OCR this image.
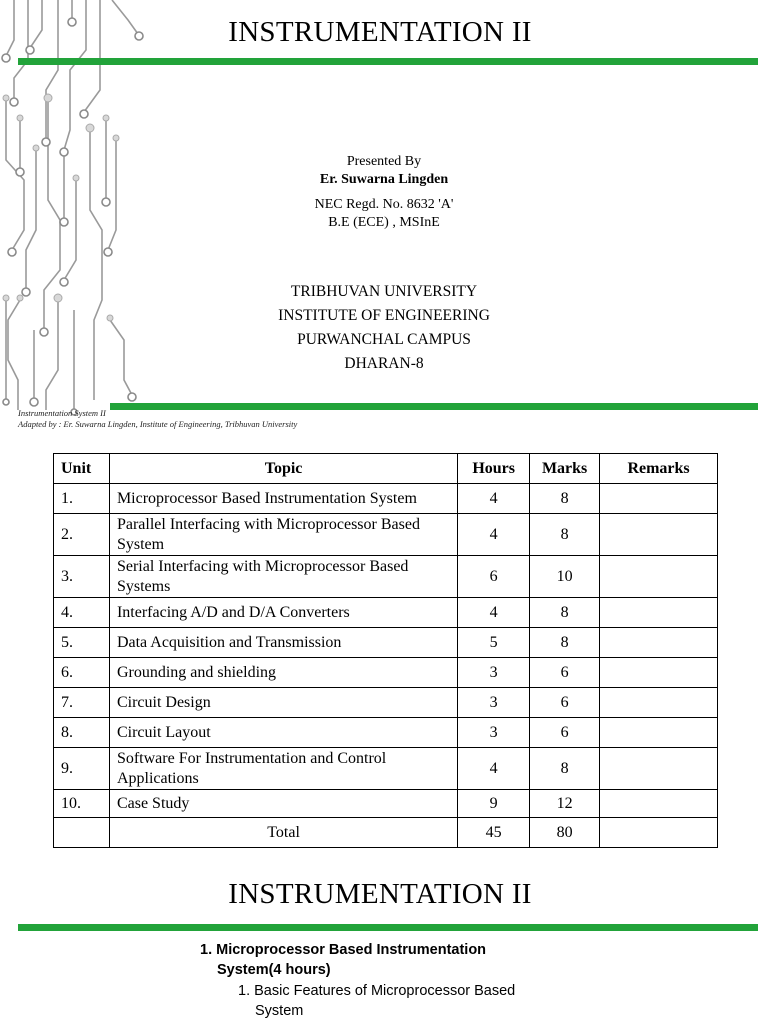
INSTRUMENTATION II
Presented By
Er. Suwarna Lingden
NEC Regd. No. 8632 'A'
B.E (ECE) , MSInE
TRIBHUVAN UNIVERSITY
INSTITUTE OF ENGINEERING
PURWANCHAL CAMPUS
DHARAN-8
Instrumentation System II
Adapted by : Er. Suwarna Lingden, Institute of Engineering, Tribhuvan University
Unit	Topic	Hours	Marks	Remarks
1.	Microprocessor Based Instrumentation System	4	8	
2.	Parallel Interfacing with Microprocessor Based System	4	8	
3.	Serial Interfacing with Microprocessor Based Systems	6	10	
4.	Interfacing A/D and D/A Converters	4	8	
5.	Data Acquisition and Transmission	5	8	
6.	Grounding and shielding	3	6	
7.	Circuit Design	3	6	
8.	Circuit Layout	3	6	
9.	Software For Instrumentation and Control Applications	4	8	
10.	Case Study	9	12	
	Total	45	80	
INSTRUMENTATION II
1. Microprocessor Based Instrumentation
System(4 hours)
1. Basic Features of Microprocessor Based
System
